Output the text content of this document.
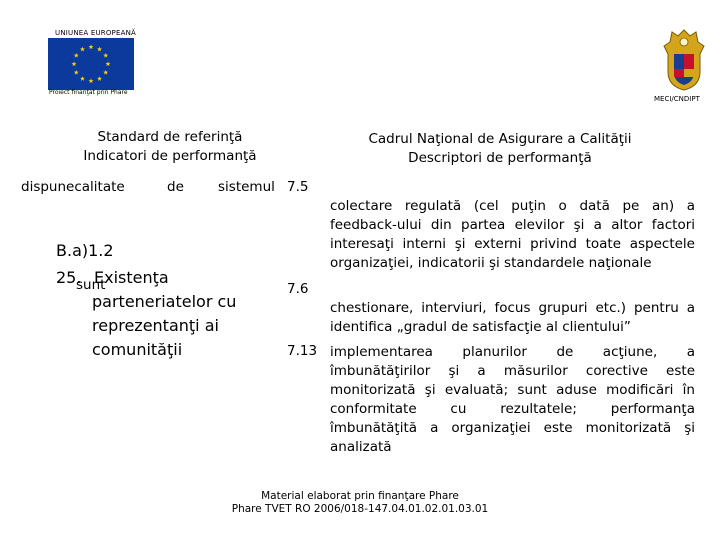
UNIUNEA EUROPEANĂ
Proiect finanţat prin Phare
MECI/CNDIPT
Standard de referinţă
Indicatori de performanţă
Cadrul Naţional de Asigurare a Calităţii
Descriptori de performanţă
dispunecalitate	de	sistemul 7.5
B.a)1.2
25.
sunt
Existenţa
parteneriatelor cu
reprezentanţi ai
comunităţii
colectare regulată (cel puţin o dată pe an) a feedback-ului din partea elevilor şi a altor factori interesaţi interni şi externi privind toate aspectele organizaţiei, indicatorii şi standardele naţionale
7.6
chestionare, interviuri, focus grupuri etc.) pentru a identifica „gradul de satisfacţie al clientului”
7.13 implementarea planurilor de acţiune, a îmbunătăţirilor şi a măsurilor corective este monitorizată şi evaluată; sunt aduse modificări în conformitate cu rezultatele; performanţa îmbunătăţită a organizaţiei este monitorizată şi analizată
Material elaborat prin finanţare Phare
Phare TVET RO 2006/018-147.04.01.02.01.03.01
